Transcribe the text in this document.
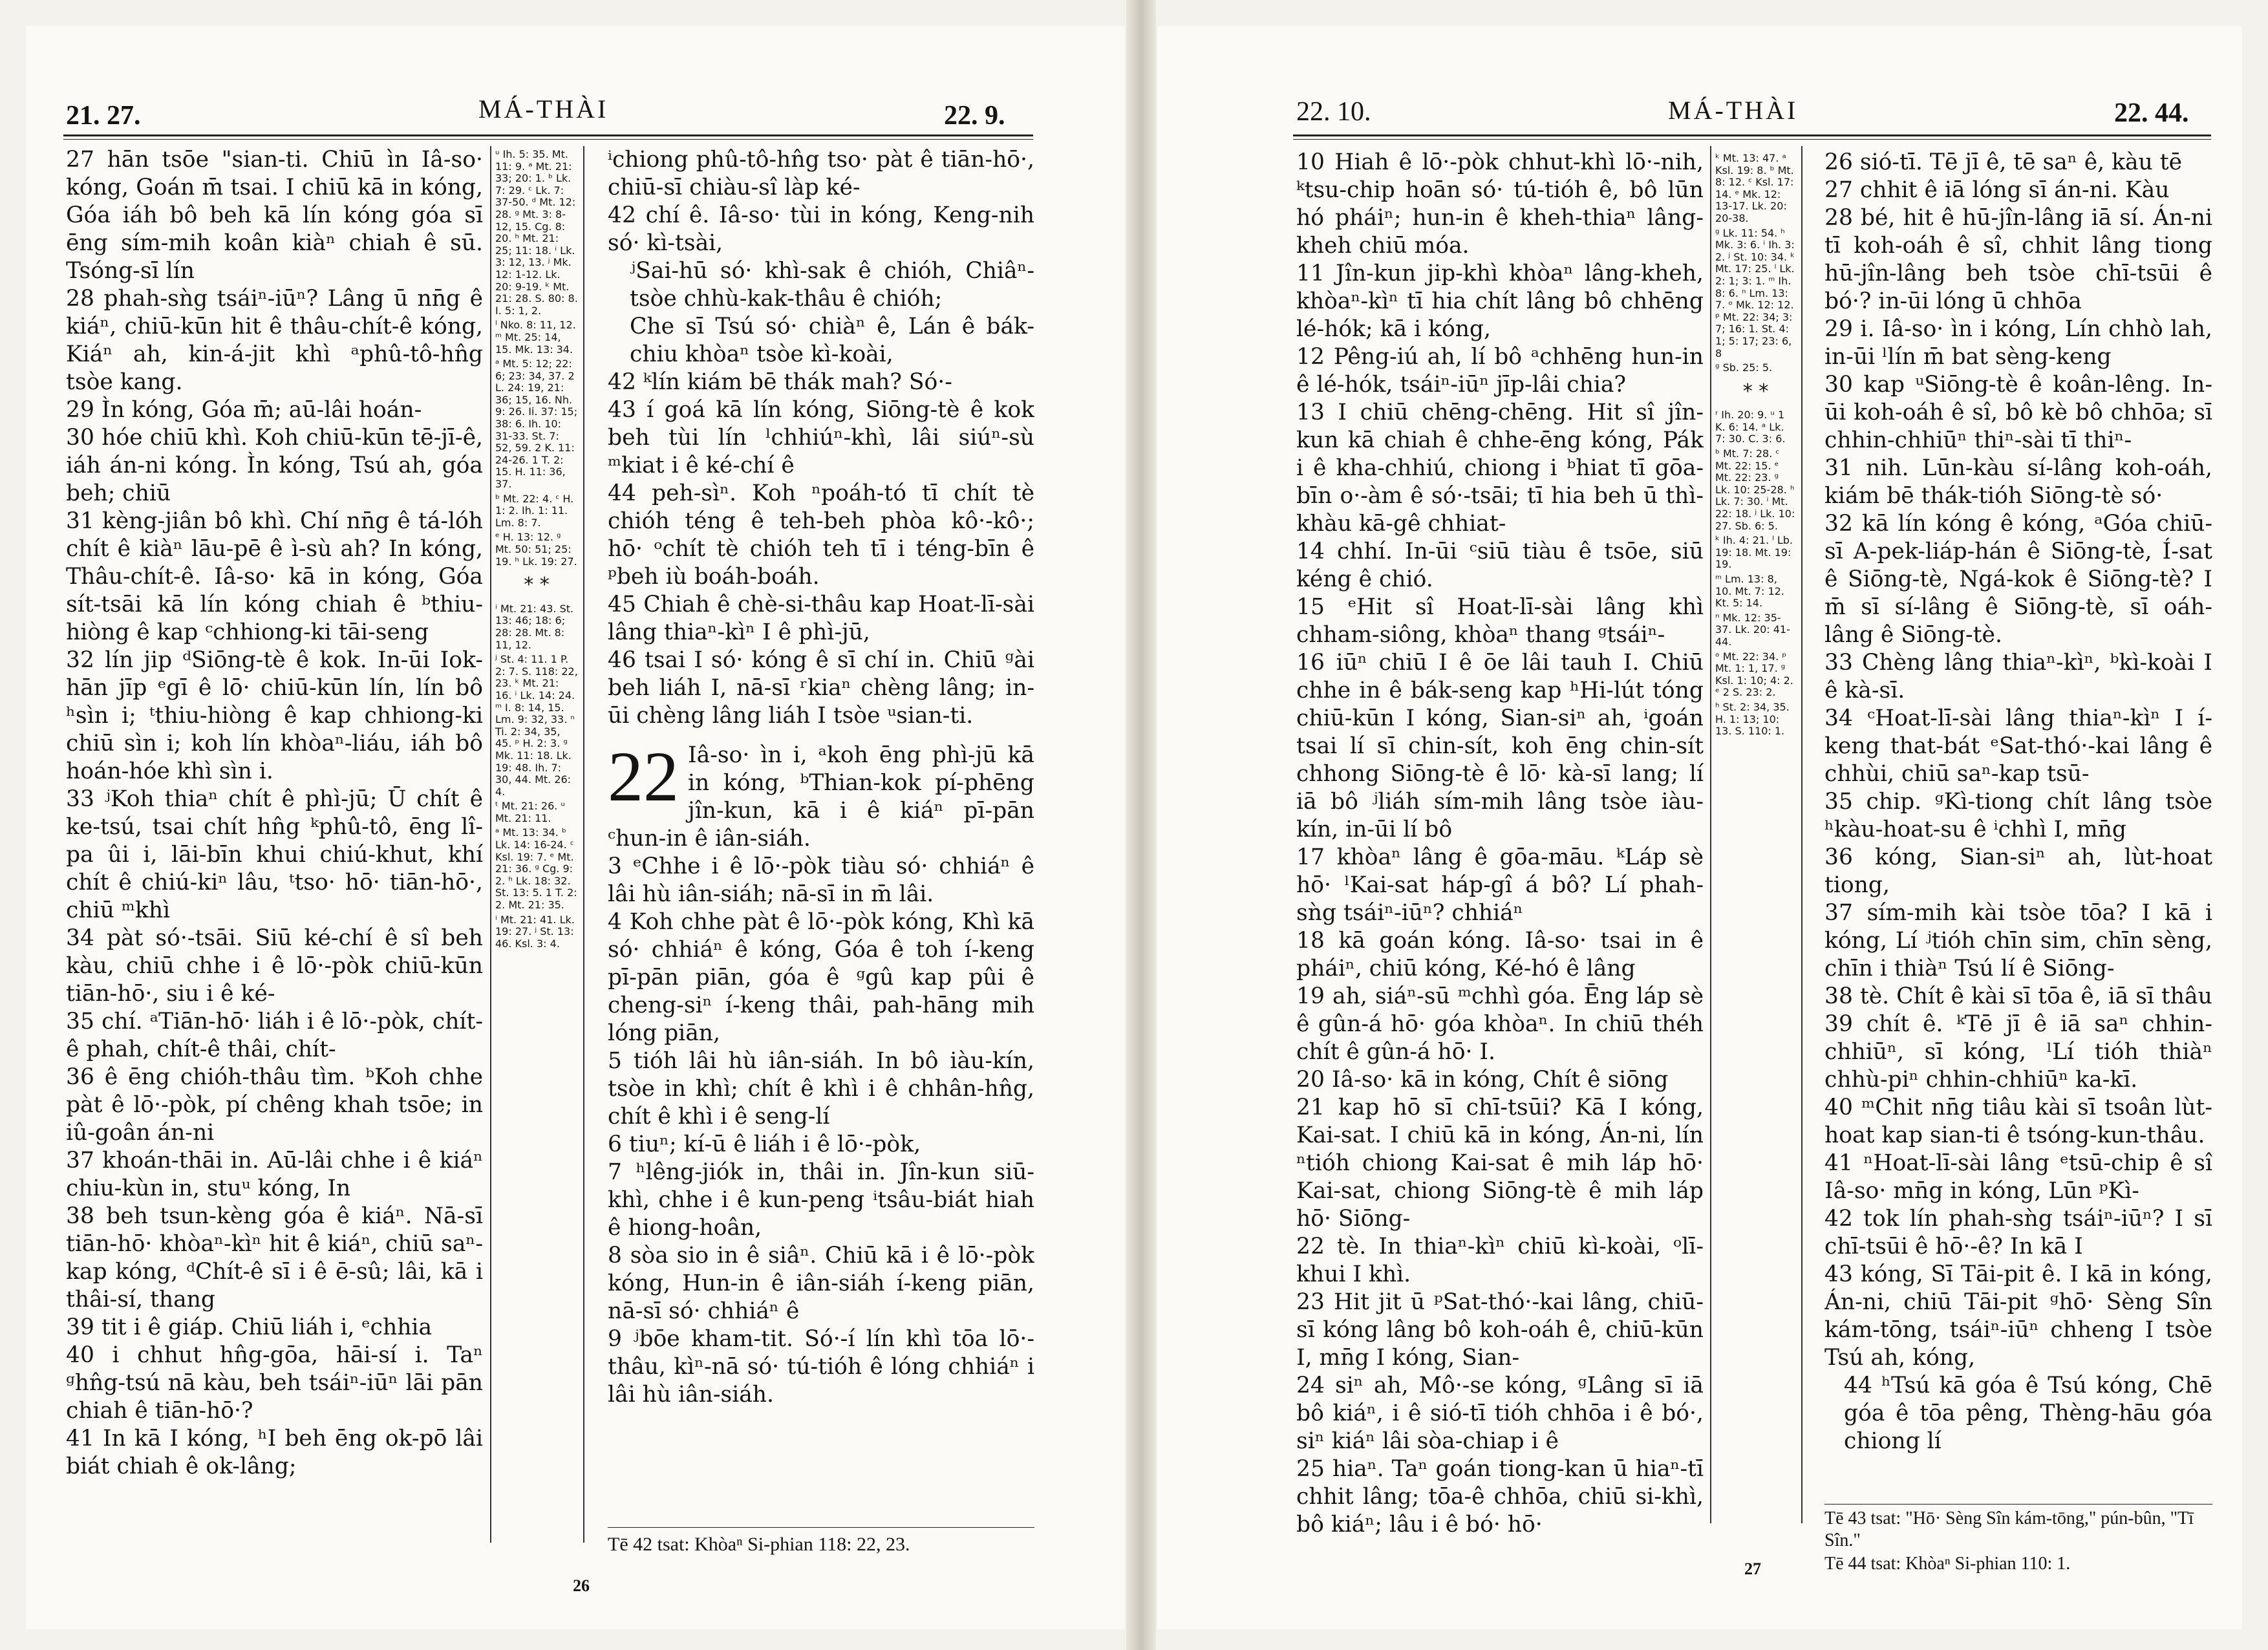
21. 27.	MÁ-THÀI	22. 9.

27 hān tsōe "sian-ti. Chiū ìn Iâ-so· kóng, Goán m̄ tsai. I chiū kā in kóng, Góa iáh bô beh kā lín kóng góa sī ēng sím-mih koân kiàⁿ chiah ê sū. Tsóng-sī lín

28 phah-sǹg tsáiⁿ-iūⁿ? Lâng ū nn̄g ê kiáⁿ, chiū-kūn hit ê thâu-chít-ê kóng, Kiáⁿ ah, kin-á-jit khì ᵃphû-tô-hn̂g tsòe kang.

29 Ìn kóng, Góa m̄; aū-lâi hoán-

30 hóe chiū khì. Koh chiū-kūn tē-jī-ê, iáh án-ni kóng. Ìn kóng, Tsú ah, góa beh; chiū

31 kèng-jiân bô khì. Chí nn̄g ê tá-lóh chít ê kiàⁿ lāu-pē ê ì-sù ah? In kóng, Thâu-chít-ê. Iâ-so· kā in kóng, Góa sít-tsāi kā lín kóng chiah ê ᵇthiu-hiòng ê kap ᶜchhiong-ki tāi-seng

32 lín jip ᵈSiōng-tè ê kok. In-ūi Iok-hān jīp ᵉgī ê lō· chiū-kūn lín, lín bô ʰsìn i; ᵗthiu-hiòng ê kap chhiong-ki chiū sìn i; koh lín khòaⁿ-liáu, iáh bô hoán-hóe khì sìn i.

33 ʲKoh thiaⁿ chít ê phì-jū; Ū chít ê ke-tsú, tsai chít hn̂g ᵏphû-tô, ēng lî-pa ûi i, lāi-bīn khui chiú-khut, khí chít ê chiú-kiⁿ lâu, ᵗtso· hō· tiān-hō·, chiū ᵐkhì

34 pàt só·-tsāi. Siū ké-chí ê sî beh kàu, chiū chhe i ê lō·-pòk chiū-kūn tiān-hō·, siu i ê ké-

35 chí. ᵃTiān-hō· liáh i ê lō·-pòk, chít-ê phah, chít-ê thâi, chít-

36 ê ēng chióh-thâu tìm. ᵇKoh chhe pàt ê lō·-pòk, pí chêng khah tsōe; in iû-goân án-ni

37 khoán-thāi in. Aū-lâi chhe i ê kiáⁿ chiu-kùn in, stuᵘ kóng, In

38 beh tsun-kèng góa ê kiáⁿ. Nā-sī tiān-hō· khòaⁿ-kìⁿ hit ê kiáⁿ, chiū saⁿ-kap kóng, ᵈChít-ê sī i ê ē-sû; lâi, kā i thâi-sí, thang

39 tit i ê giáp. Chiū liáh i, ᵉchhia

40 i chhut hn̂g-gōa, hāi-sí i. Taⁿ ᵍhn̂g-tsú nā kàu, beh tsáiⁿ-iūⁿ lāi pān chiah ê tiān-hō·?

41 In kā I kóng, ʰI beh ēng ok-pō lâi biát chiah ê ok-lâng;

ᵘ Ih. 5: 35. Mt. 11: 9. ᵃ Mt. 21: 33; 20: 1. ᵇ Lk. 7: 29. ᶜ Lk. 7: 37-50. ᵈ Mt. 12: 28. ᵍ Mt. 3: 8-12, 15. Cg. 8: 20. ʰ Mt. 21: 25; 11: 18. ⁱ Lk. 3: 12, 13. ʲ Mk. 12: 1-12. Lk. 20: 9-19. ᵏ Mt. 21: 28. S. 80: 8. I. 5: 1, 2.

ˡ Nko. 8: 11, 12. ᵐ Mt. 25: 14, 15. Mk. 13: 34.

ᵃ Mt. 5: 12; 22: 6; 23: 34, 37. 2 L. 24: 19, 21: 36; 15, 16. Nh. 9: 26. Ii. 37: 15; 38: 6. Ih. 10: 31-33. St. 7: 52, 59. 2 K. 11: 24-26. 1 T. 2: 15. H. 11: 36, 37.

ᵇ Mt. 22: 4. ᶜ H. 1: 2. Ih. 1: 11. Lm. 8: 7.

ᵉ H. 13: 12. ᵍ Mt. 50: 51; 25: 19. ʰ Lk. 19: 27.

* *

ⁱ Mt. 21: 43. St. 13: 46; 18: 6; 28: 28. Mt. 8: 11, 12.

ʲ St. 4: 11. 1 P. 2: 7. S. 118: 22, 23. ᵏ Mt. 21: 16. ⁱ Lk. 14: 24. ᵐ I. 8: 14, 15. Lm. 9: 32, 33. ⁿ Ti. 2: 34, 35, 45. ᵖ H. 2: 3. ᵍ Mk. 11: 18. Lk. 19: 48. Ih. 7: 30, 44. Mt. 26: 4.

ᵗ Mt. 21: 26. ᵘ Mt. 21: 11.

ᵃ Mt. 13: 34. ᵇ Lk. 14: 16-24. ᶜ Ksl. 19: 7. ᵉ Mt. 21: 36. ᵍ Cg. 9: 2. ʰ Lk. 18: 32. St. 13: 5. 1 T. 2: 2. Mt. 21: 35.

ⁱ Mt. 21: 41. Lk. 19: 27. ʲ St. 13: 46. Ksl. 3: 4.

ⁱchiong phû-tô-hn̂g tso· pàt ê tiān-hō·, chiū-sī chiàu-sî làp ké-

42 chí ê. Iâ-so· tùi in kóng, Keng-nih só· kì-tsài,

ʲSai-hū só· khì-sak ê chióh, Chiâⁿ-tsòe chhù-kak-thâu ê chióh;

Che sī Tsú só· chiàⁿ ê, Lán ê bák-chiu khòaⁿ tsòe kì-koài,

42 ᵏlín kiám bē thák mah? Só·-

43 í goá kā lín kóng, Siōng-tè ê kok beh tùi lín ˡchhiúⁿ-khì, lâi siúⁿ-sù ᵐkiat i ê ké-chí ê

44 peh-sìⁿ. Koh ⁿpoáh-tó tī chít tè chióh téng ê teh-beh phòa kô·-kô·; hō· ᵒchít tè chióh teh tī i téng-bīn ê ᵖbeh iù boáh-boáh.

45 Chiah ê chè-si-thâu kap Hoat-lī-sài lâng thiaⁿ-kìⁿ I ê phì-jū,

46 tsai I só· kóng ê sī chí in. Chiū ᵍài beh liáh I, nā-sī ʳkiaⁿ chèng lâng; in-ūi chèng lâng liáh I tsòe ᵘsian-ti.

22 Iâ-so· ìn i, ᵃkoh ēng phì-jū kā in kóng, ᵇThian-kok pí-phēng jîn-kun, kā i ê kiáⁿ pī-pān ᶜhun-in ê iân-siáh.

3 ᵉChhe i ê lō·-pòk tiàu só· chhiáⁿ ê lâi hù iân-siáh; nā-sī in m̄ lâi.

4 Koh chhe pàt ê lō·-pòk kóng, Khì kā só· chhiáⁿ ê kóng, Góa ê toh í-keng pī-pān piān, góa ê ᵍgû kap pûi ê cheng-siⁿ í-keng thâi, pah-hāng mih lóng piān,

5 tióh lâi hù iân-siáh. In bô iàu-kín, tsòe in khì; chít ê khì i ê chhân-hn̂g, chít ê khì i ê seng-lí

6 tiuⁿ; kí-ū ê liáh i ê lō·-pòk,

7 ʰlêng-jiók in, thâi in. Jîn-kun siū-khì, chhe i ê kun-peng ⁱtsâu-biát hiah ê hiong-hoân,

8 sòa sio in ê siâⁿ. Chiū kā i ê lō·-pòk kóng, Hun-in ê iân-siáh í-keng piān, nā-sī só· chhiáⁿ ê

9 ʲbōe kham-tit. Só·-í lín khì tōa lō·-thâu, kìⁿ-nā só· tú-tióh ê lóng chhiáⁿ i lâi hù iân-siáh.

Tē 42 tsat: Khòaⁿ Si-phian 118: 22, 23.
26
22. 10.	MÁ-THÀI	22. 44.

10 Hiah ê lō·-pòk chhut-khì lō·-nih, ᵏtsu-chip hoān só· tú-tióh ê, bô lūn hó pháiⁿ; hun-in ê kheh-thiaⁿ lâng-kheh chiū móa.

11 Jîn-kun jip-khì khòaⁿ lâng-kheh, khòaⁿ-kìⁿ tī hia chít lâng bô chhēng lé-hók; kā i kóng,

12 Pêng-iú ah, lí bô ᵃchhēng hun-in ê lé-hók, tsáiⁿ-iūⁿ jīp-lâi chia?

13 I chiū chēng-chēng. Hit sî jîn-kun kā chiah ê chhe-ēng kóng, Pák i ê kha-chhiú, chiong i ᵇhiat tī gōa-bīn o·-àm ê só·-tsāi; tī hia beh ū thì-khàu kā-gê chhiat-

14 chhí. In-ūi ᶜsiū tiàu ê tsōe, siū kéng ê chió.

15 ᵉHit sî Hoat-lī-sài lâng khì chham-siông, khòaⁿ thang ᵍtsáiⁿ-

16 iūⁿ chiū I ê ōe lâi tauh I. Chiū chhe in ê bák-seng kap ʰHi-lút tóng chiū-kūn I kóng, Sian-siⁿ ah, ⁱgoán tsai lí sī chin-sít, koh ēng chin-sít chhong Siōng-tè ê lō· kà-sī lang; lí iā bô ʲliáh sím-mih lâng tsòe iàu-kín, in-ūi lí bô

17 khòaⁿ lâng ê gōa-māu. ᵏLáp sè hō· ˡKai-sat háp-gî á bô? Lí phah-sǹg tsáiⁿ-iūⁿ? chhiáⁿ

18 kā goán kóng. Iâ-so· tsai in ê pháiⁿ, chiū kóng, Ké-hó ê lâng

19 ah, siáⁿ-sū ᵐchhì góa. Ēng láp sè ê gûn-á hō· góa khòaⁿ. In chiū théh chít ê gûn-á hō· I.

20 Iâ-so· kā in kóng, Chít ê siōng

21 kap hō sī chī-tsūi? Kā I kóng, Kai-sat. I chiū kā in kóng, Án-ni, lín ⁿtióh chiong Kai-sat ê mih láp hō· Kai-sat, chiong Siōng-tè ê mih láp hō· Siōng-

22 tè. In thiaⁿ-kìⁿ chiū kì-koài, ᵒlī-khui I khì.

23 Hit jit ū ᵖSat-thó·-kai lâng, chiū-sī kóng lâng bô koh-oáh ê, chiū-kūn I, mn̄g I kóng, Sian-

24 siⁿ ah, Mô·-se kóng, ᵍLâng sī iā bô kiáⁿ, i ê sió-tī tióh chhōa i ê bó·, siⁿ kiáⁿ lâi sòa-chiap i ê

25 hiaⁿ. Taⁿ goán tiong-kan ū hiaⁿ-tī chhit lâng; tōa-ê chhōa, chiū si-khì, bô kiáⁿ; lâu i ê bó· hō·

ᵏ Mt. 13: 47. ᵃ Ksl. 19: 8. ᵇ Mt. 8: 12. ᶜ Ksl. 17: 14. ᵉ Mk. 12: 13-17. Lk. 20: 20-38.

ᵍ Lk. 11: 54. ʰ Mk. 3: 6. ⁱ Ih. 3: 2. ʲ St. 10: 34. ᵏ Mt. 17: 25. ˡ Lk. 2: 1; 3: 1. ᵐ Ih. 8: 6. ⁿ Lm. 13: 7. ᵒ Mk. 12: 12. ᵖ Mt. 22: 34; 3: 7; 16: 1. St. 4: 1; 5: 17; 23: 6, 8

ᵍ Sb. 25: 5.

* *

ʳ Ih. 20: 9. ᵘ 1 K. 6: 14. ᵃ Lk. 7: 30. C. 3: 6.

ᵇ Mt. 7: 28. ᶜ Mt. 22: 15. ᵉ Mt. 22: 23. ᵍ Lk. 10: 25-28. ʰ Lk. 7: 30. ⁱ Mt. 22: 18. ʲ Lk. 10: 27. Sb. 6: 5.

ᵏ Ih. 4: 21. ˡ Lb. 19: 18. Mt. 19: 19.

ᵐ Lm. 13: 8, 10. Mt. 7: 12. Kt. 5: 14.

ⁿ Mk. 12: 35-37. Lk. 20: 41-44.

ᵒ Mt. 22: 34. ᵖ Mt. 1: 1, 17. ᵍ Ksl. 1: 10; 4: 2. ᵉ 2 S. 23: 2.

ʰ St. 2: 34, 35. H. 1: 13; 10: 13. S. 110: 1.

26 sió-tī. Tē jī ê, tē saⁿ ê, kàu tē

27 chhit ê iā lóng sī án-ni. Kàu

28 bé, hit ê hū-jîn-lâng iā sí. Án-ni tī koh-oáh ê sî, chhit lâng tiong hū-jîn-lâng beh tsòe chī-tsūi ê bó·? in-ūi lóng ū chhōa

29 i. Iâ-so· ìn i kóng, Lín chhò lah, in-ūi ˡlín m̄ bat sèng-keng

30 kap ᵘSiōng-tè ê koân-lêng. In-ūi koh-oáh ê sî, bô kè bô chhōa; sī chhin-chhiūⁿ thiⁿ-sài tī thiⁿ-

31 nih. Lūn-kàu sí-lâng koh-oáh, kiám bē thák-tióh Siōng-tè só·

32 kā lín kóng ê kóng, ᵃGóa chiū-sī A-pek-liáp-hán ê Siōng-tè, Í-sat ê Siōng-tè, Ngá-kok ê Siōng-tè? I m̄ sī sí-lâng ê Siōng-tè, sī oáh-lâng ê Siōng-tè.

33 Chèng lâng thiaⁿ-kìⁿ, ᵇkì-koài I ê kà-sī.

34 ᶜHoat-lī-sài lâng thiaⁿ-kìⁿ I í-keng that-bát ᵉSat-thó·-kai lâng ê chhùi, chiū saⁿ-kap tsū-

35 chip. ᵍKì-tiong chít lâng tsòe ʰkàu-hoat-su ê ⁱchhì I, mn̄g

36 kóng, Sian-siⁿ ah, lùt-hoat tiong,

37 sím-mih kài tsòe tōa? I kā i kóng, Lí ʲtióh chīn sim, chīn sèng, chīn i thiàⁿ Tsú lí ê Siōng-

38 tè. Chít ê kài sī tōa ê, iā sī thâu

39 chít ê. ᵏTē jī ê iā saⁿ chhin-chhiūⁿ, sī kóng, ˡLí tióh thiàⁿ chhù-piⁿ chhin-chhiūⁿ ka-kī.

40 ᵐChit nn̄g tiâu kài sī tsoân lùt-hoat kap sian-ti ê tsóng-kun-thâu.

41 ⁿHoat-lī-sài lâng ᵉtsū-chip ê sî Iâ-so· mn̄g in kóng, Lūn ᵖKì-

42 tok lín phah-sǹg tsáiⁿ-iūⁿ? I sī chī-tsūi ê hō·-ê? In kā I

43 kóng, Sī Tāi-pit ê. I kā in kóng, Án-ni, chiū Tāi-pit ᵍhō· Sèng Sîn kám-tōng, tsáiⁿ-iūⁿ chheng I tsòe Tsú ah, kóng,

44 ʰTsú kā góa ê Tsú kóng, Chē góa ê tōa pêng, Thèng-hāu góa chiong lí

Tē 43 tsat: "Hō· Sèng Sîn kám-tōng," pún-bûn, "Tī Sîn."
Tē 44 tsat: Khòaⁿ Si-phian 110: 1.
27
